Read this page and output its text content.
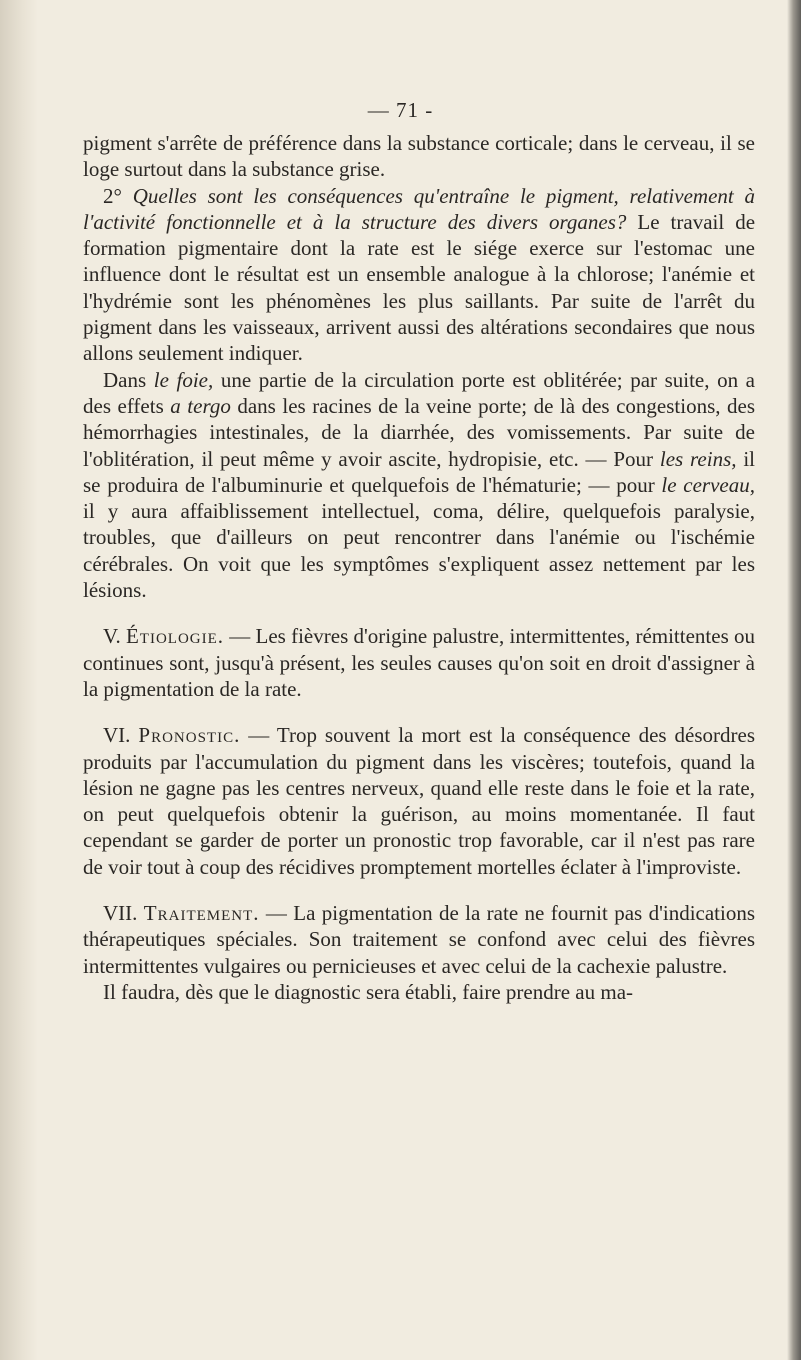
— 71 -

pigment s'arrête de préférence dans la substance corticale; dans le cerveau, il se loge surtout dans la substance grise.

2° Quelles sont les conséquences qu'entraîne le pigment, relativement à l'activité fonctionnelle et à la structure des divers organes? Le travail de formation pigmentaire dont la rate est le siége exerce sur l'estomac une influence dont le résultat est un ensemble analogue à la chlorose; l'anémie et l'hydrémie sont les phénomènes les plus saillants. Par suite de l'arrêt du pigment dans les vaisseaux, arrivent aussi des altérations secondaires que nous allons seulement indiquer.

Dans le foie, une partie de la circulation porte est oblitérée; par suite, on a des effets a tergo dans les racines de la veine porte; de là des congestions, des hémorrhagies intestinales, de la diarrhée, des vomissements. Par suite de l'oblitération, il peut même y avoir ascite, hydropisie, etc. — Pour les reins, il se produira de l'albuminurie et quelquefois de l'hématurie; — pour le cerveau, il y aura affaiblissement intellectuel, coma, délire, quelquefois paralysie, troubles, que d'ailleurs on peut rencontrer dans l'anémie ou l'ischémie cérébrales. On voit que les symptômes s'expliquent assez nettement par les lésions.

V. Étiologie. — Les fièvres d'origine palustre, intermittentes, rémittentes ou continues sont, jusqu'à présent, les seules causes qu'on soit en droit d'assigner à la pigmentation de la rate.

VI. Pronostic. — Trop souvent la mort est la conséquence des désordres produits par l'accumulation du pigment dans les viscères; toutefois, quand la lésion ne gagne pas les centres nerveux, quand elle reste dans le foie et la rate, on peut quelquefois obtenir la guérison, au moins momentanée. Il faut cependant se garder de porter un pronostic trop favorable, car il n'est pas rare de voir tout à coup des récidives promptement mortelles éclater à l'improviste.

VII. Traitement. — La pigmentation de la rate ne fournit pas d'indications thérapeutiques spéciales. Son traitement se confond avec celui des fièvres intermittentes vulgaires ou pernicieuses et avec celui de la cachexie palustre.

Il faudra, dès que le diagnostic sera établi, faire prendre au ma-
